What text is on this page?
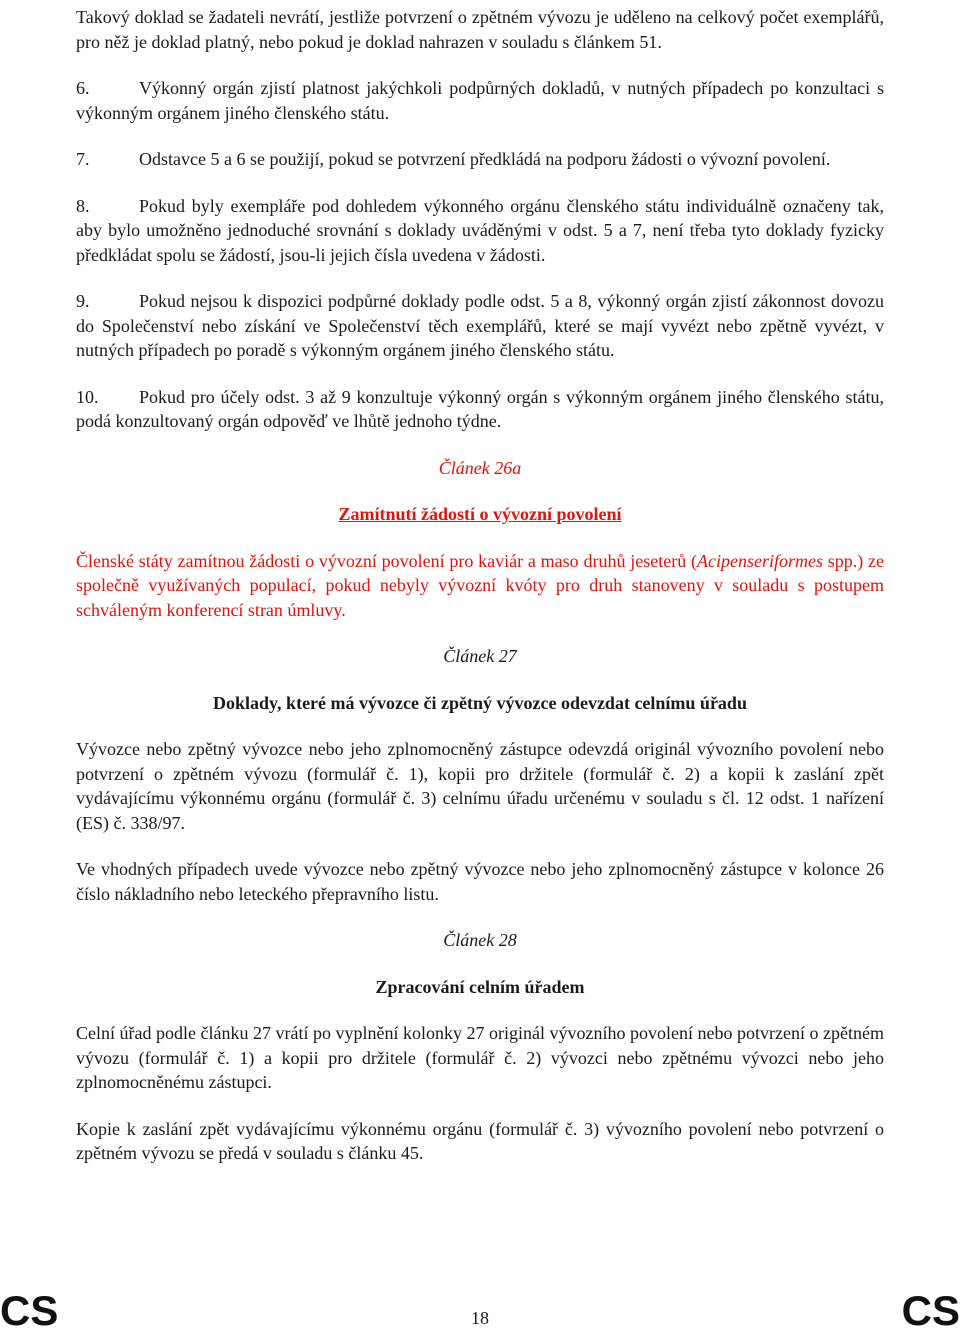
Takový doklad se žadateli nevrátí, jestliže potvrzení o zpětném vývozu je uděleno na celkový počet exemplářů, pro něž je doklad platný, nebo pokud je doklad nahrazen v souladu s článkem 51.

6.	Výkonný orgán zjistí platnost jakýchkoli podpůrných dokladů, v nutných případech po konzultaci s výkonným orgánem jiného členského státu.

7.	Odstavce 5 a 6 se použijí, pokud se potvrzení předkládá na podporu žádosti o vývozní povolení.

8.	Pokud byly exempláře pod dohledem výkonného orgánu členského státu individuálně označeny tak, aby bylo umožněno jednoduché srovnání s doklady uváděnými v odst. 5 a 7, není třeba tyto doklady fyzicky předkládat spolu se žádostí, jsou-li jejich čísla uvedena v žádosti.

9.	Pokud nejsou k dispozici podpůrné doklady podle odst. 5 a 8, výkonný orgán zjistí zákonnost dovozu do Společenství nebo získání ve Společenství těch exemplářů, které se mají vyvézt nebo zpětně vyvézt, v nutných případech po poradě s výkonným orgánem jiného členského státu.

10. Pokud pro účely odst. 3 až 9 konzultuje výkonný orgán s výkonným orgánem jiného členského státu, podá konzultovaný orgán odpověď ve lhůtě jednoho týdne.

Článek 26a

Zamítnutí žádostí o vývozní povolení

Členské státy zamítnou žádosti o vývozní povolení pro kaviár a maso druhů jeseterů (Acipenseriformes spp.) ze společně využívaných populací, pokud nebyly vývozní kvóty pro druh stanoveny v souladu s postupem schváleným konferencí stran úmluvy.

Článek 27

Doklady, které má vývozce či zpětný vývozce odevzdat celnímu úřadu

Vývozce nebo zpětný vývozce nebo jeho zplnomocněný zástupce odevzdá originál vývozního povolení nebo potvrzení o zpětném vývozu (formulář č. 1), kopii pro držitele (formulář č. 2) a kopii k zaslání zpět vydávajícímu výkonnému orgánu (formulář č. 3) celnímu úřadu určenému v souladu s čl. 12 odst. 1 nařízení (ES) č. 338/97.

Ve vhodných případech uvede vývozce nebo zpětný vývozce nebo jeho zplnomocněný zástupce v kolonce 26 číslo nákladního nebo leteckého přepravního listu.

Článek 28

Zpracování celním úřadem

Celní úřad podle článku 27 vrátí po vyplnění kolonky 27 originál vývozního povolení nebo potvrzení o zpětném vývozu (formulář č. 1) a kopii pro držitele (formulář č. 2) vývozci nebo zpětnému vývozci nebo jeho zplnomocněnému zástupci.

Kopie k zaslání zpět vydávajícímu výkonnému orgánu (formulář č. 3) vývozního povolení nebo potvrzení o zpětném vývozu se předá v souladu s článku 45.

CS	18	CS
